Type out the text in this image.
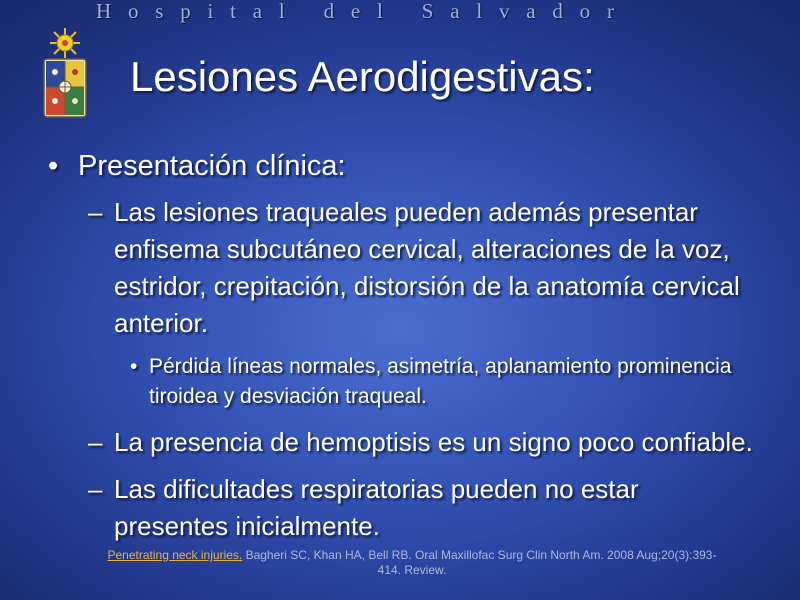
Hospital del Salvador
Lesiones Aerodigestivas:
• Presentación clínica:
– Las lesiones traqueales pueden además presentar enfisema subcutáneo cervical, alteraciones de la voz, estridor, crepitación, distorsión de la anatomía cervical anterior.
• Pérdida líneas normales, asimetría, aplanamiento prominencia tiroidea y desviación traqueal.
– La presencia de hemoptisis es un signo poco confiable.
– Las dificultades respiratorias pueden no estar presentes inicialmente.
Penetrating neck injuries. Bagheri SC, Khan HA, Bell RB. Oral Maxillofac Surg Clin North Am. 2008 Aug;20(3):393-414. Review.
